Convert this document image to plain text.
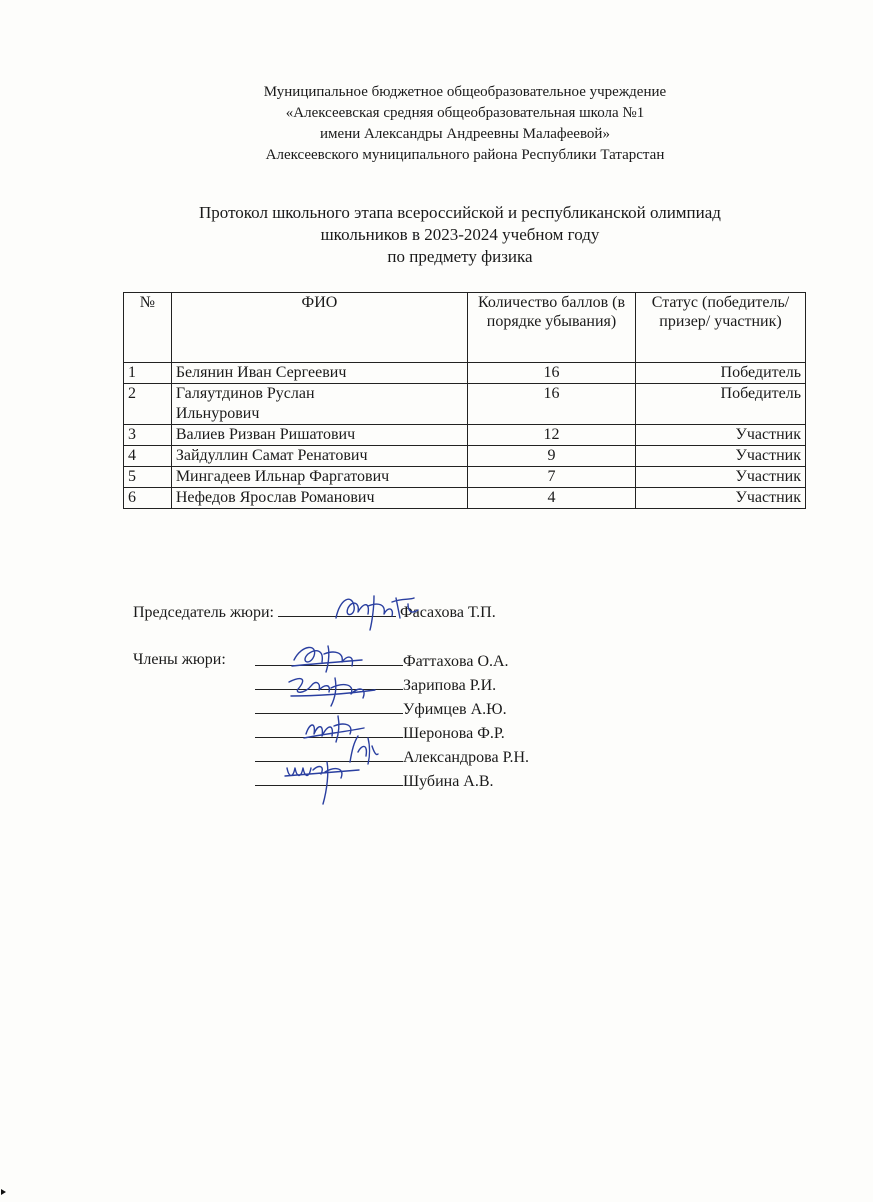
Муниципальное бюджетное общеобразовательное учреждение
«Алексеевская средняя общеобразовательная школа №1
имени Александры Андреевны Малафеевой»
Алексеевского муниципального района Республики Татарстан
Протокол школьного этапа всероссийской и республиканской олимпиад
школьников в 2023-2024 учебном году
по предмету физика
№	ФИО	Количество баллов (в порядке убывания)	Статус (победитель/ призер/ участник)
1	Белянин Иван Сергеевич	16	Победитель
2	Галяутдинов Руслан Ильнурович	16	Победитель
3	Валиев Ризван Ришатович	12	Участник
4	Зайдуллин Самат Ренатович	9	Участник
5	Мингадеев Ильнар Фаргатович	7	Участник
6	Нефедов Ярослав Романович	4	Участник
Председатель жюри:	Фасахова Т.П.
Члены жюри:	Фаттахова О.А.
Зарипова Р.И.
Уфимцев А.Ю.
Шеронова Ф.Р.
Александрова Р.Н.
Шубина А.В.
